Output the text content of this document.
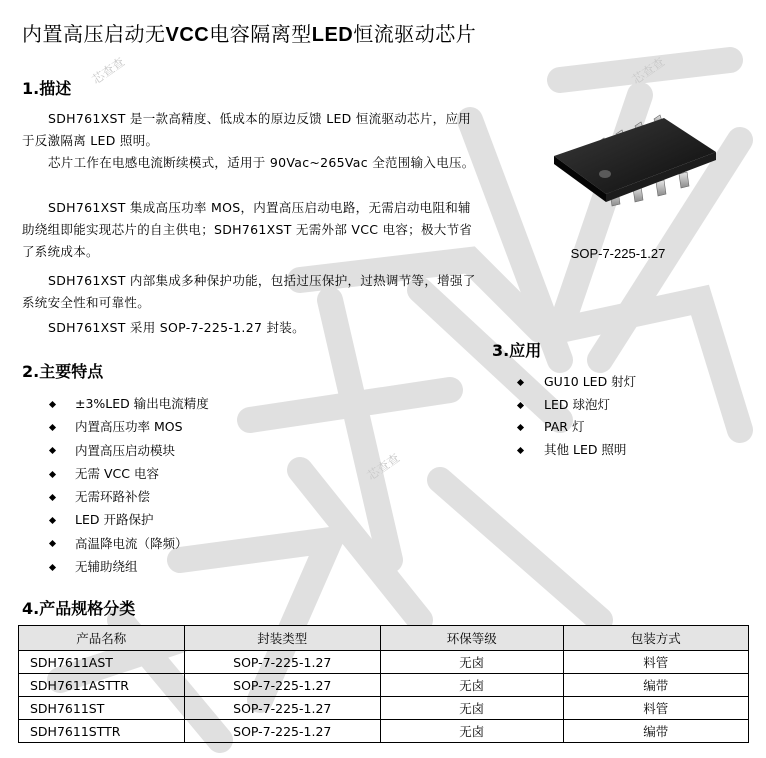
芯查查	芯查查
芯查查
内置高压启动无VCC电容隔离型LED恒流驱动芯片
1.描述

SDH761XST 是一款高精度、低成本的原边反馈 LED 恒流驱动芯片，应用于反激隔离 LED 照明。

芯片工作在电感电流断续模式，适用于 90Vac~265Vac 全范围输入电压。

SDH761XST 集成高压功率 MOS，内置高压启动电路，无需启动电阻和辅助绕组即能实现芯片的自主供电；SDH761XST 无需外部 VCC 电容；极大节省了系统成本。

SDH761XST 内部集成多种保护功能，包括过压保护，过热调节等，增强了系统安全性和可靠性。

SDH761XST 采用 SOP-7-225-1.27 封装。

SOP-7-225-1.27

2.主要特点
±3%LED 输出电流精度
内置高压功率 MOS
内置高压启动模块
无需 VCC 电容
无需环路补偿
LED 开路保护
高温降电流（降频）
无辅助绕组
3.应用
GU10 LED 射灯
LED 球泡灯
PAR 灯
其他 LED 照明
4.产品规格分类
产品名称	封装类型	环保等级	包装方式
SDH7611AST	SOP-7-225-1.27	无卤	料管
SDH7611ASTTR	SOP-7-225-1.27	无卤	编带
SDH7611ST	SOP-7-225-1.27	无卤	料管
SDH7611STTR	SOP-7-225-1.27	无卤	编带
